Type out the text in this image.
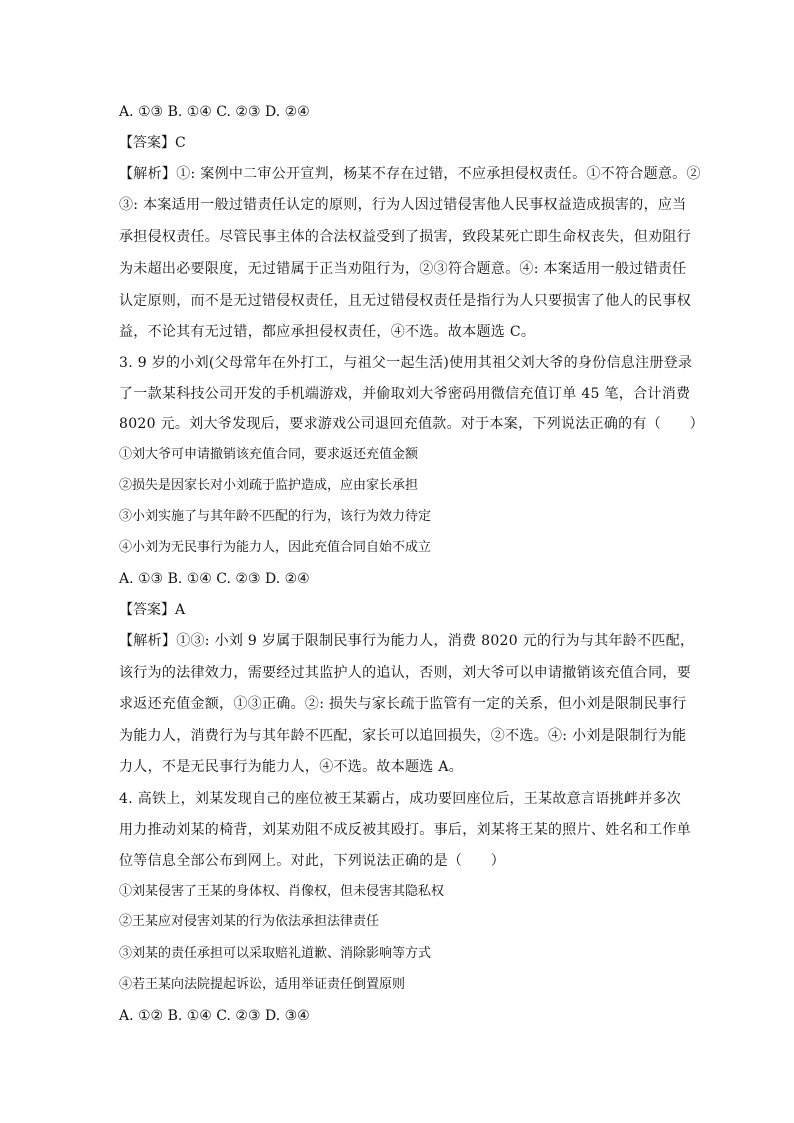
A. ①③ B. ①④ C. ②③ D. ②④
【答案】C
【解析】①: 案例中二审公开宣判，杨某不存在过错，不应承担侵权责任。①不符合题意。②
③: 本案适用一般过错责任认定的原则，行为人因过错侵害他人民事权益造成损害的，应当
承担侵权责任。尽管民事主体的合法权益受到了损害，致段某死亡即生命权丧失，但劝阻行
为未超出必要限度，无过错属于正当劝阻行为，②③符合题意。④: 本案适用一般过错责任
认定原则，而不是无过错侵权责任，且无过错侵权责任是指行为人只要损害了他人的民事权
益，不论其有无过错，都应承担侵权责任，④不选。故本题选 C。
3. 9 岁的小刘(父母常年在外打工，与祖父一起生活)使用其祖父刘大爷的身份信息注册登录
了一款某科技公司开发的手机端游戏，并偷取刘大爷密码用微信充值订单 45 笔，合计消费
8020 元。刘大爷发现后，要求游戏公司退回充值款。对于本案，下列说法正确的有（　　）
①刘大爷可申请撤销该充值合同，要求返还充值金额
②损失是因家长对小刘疏于监护造成，应由家长承担
③小刘实施了与其年龄不匹配的行为，该行为效力待定
④小刘为无民事行为能力人，因此充值合同自始不成立
A. ①③ B. ①④ C. ②③ D. ②④
【答案】A
【解析】①③: 小刘 9 岁属于限制民事行为能力人，消费 8020 元的行为与其年龄不匹配，
该行为的法律效力，需要经过其监护人的追认，否则，刘大爷可以申请撤销该充值合同，要
求返还充值金额，①③正确。②: 损失与家长疏于监管有一定的关系，但小刘是限制民事行
为能力人，消费行为与其年龄不匹配，家长可以追回损失，②不选。④: 小刘是限制行为能
力人，不是无民事行为能力人，④不选。故本题选 A。
4. 高铁上，刘某发现自己的座位被王某霸占，成功要回座位后，王某故意言语挑衅并多次
用力推动刘某的椅背，刘某劝阻不成反被其殴打。事后，刘某将王某的照片、姓名和工作单
位等信息全部公布到网上。对此，下列说法正确的是（　　）
①刘某侵害了王某的身体权、肖像权，但未侵害其隐私权
②王某应对侵害刘某的行为依法承担法律责任
③刘某的责任承担可以采取赔礼道歉、消除影响等方式
④若王某向法院提起诉讼，适用举证责任倒置原则
A. ①② B. ①④ C. ②③ D. ③④
